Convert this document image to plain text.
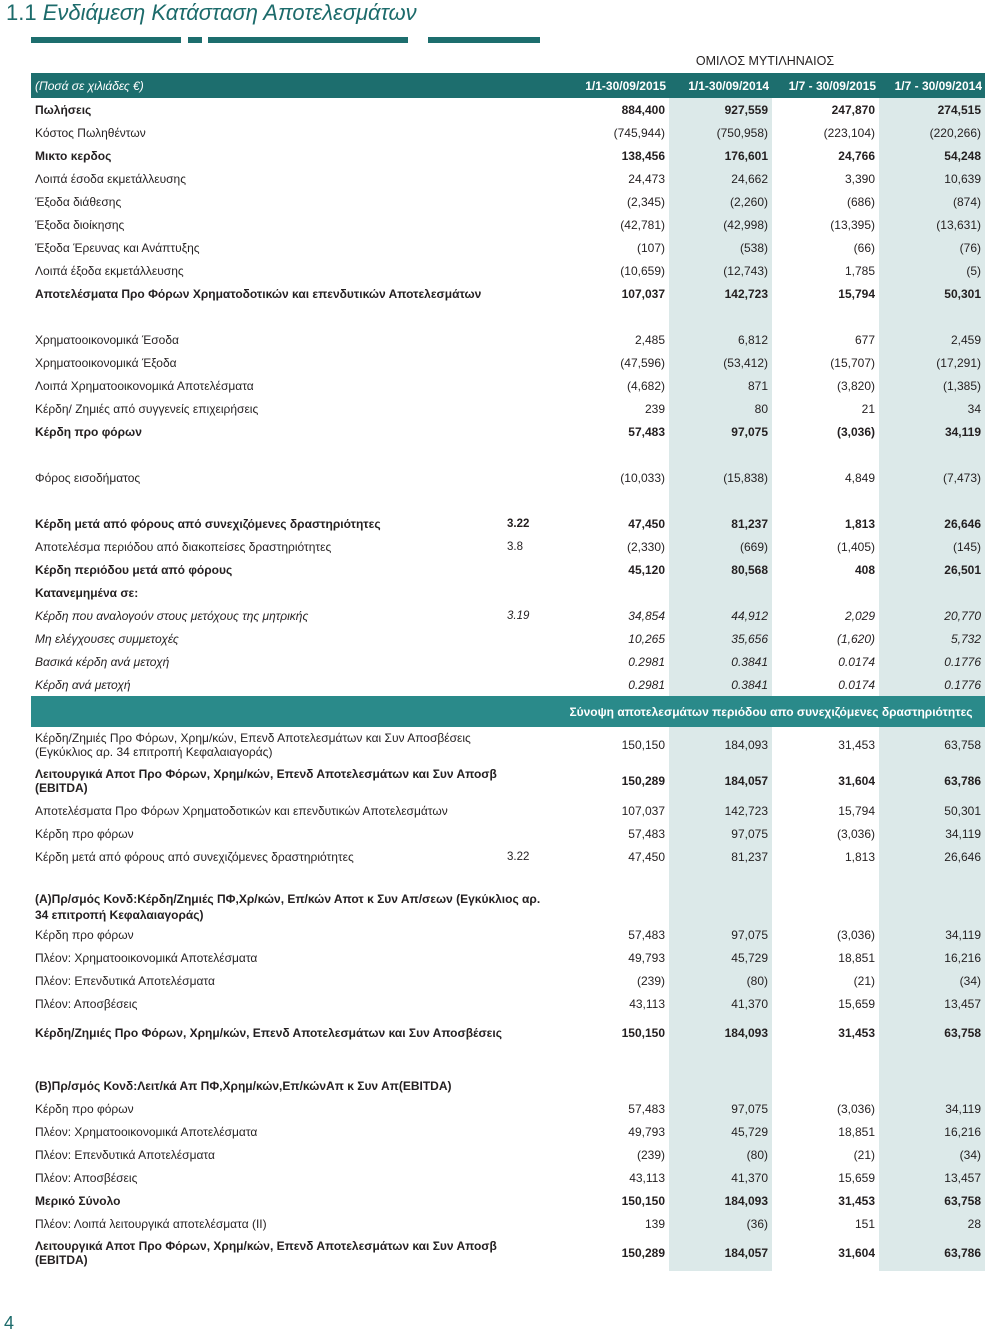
1.1 Ενδιάμεση Κατάσταση Αποτελεσμάτων
ΟΜΙΛΟΣ ΜΥΤΙΛΗΝΑΙΟΣ
(Ποσά σε χιλιάδες €)		1/1-30/09/2015	1/1-30/09/2014	1/7 - 30/09/2015	1/7 - 30/09/2014
Πωλήσεις		884,400	927,559	247,870	274,515
Κόστος Πωληθέντων		(745,944)	(750,958)	(223,104)	(220,266)
Μικτο κερδος		138,456	176,601	24,766	54,248
Λοιπά έσοδα εκμετάλλευσης		24,473	24,662	3,390	10,639
Έξοδα διάθεσης		(2,345)	(2,260)	(686)	(874)
Έξοδα διοίκησης		(42,781)	(42,998)	(13,395)	(13,631)
Έξοδα Έρευνας και Ανάπτυξης		(107)	(538)	(66)	(76)
Λοιπά έξοδα εκμετάλλευσης		(10,659)	(12,743)	1,785	(5)
Αποτελέσματα Προ Φόρων Χρηματοδοτικών και επενδυτικών Αποτελεσμάτων		107,037	142,723	15,794	50,301

Χρηματοοικονομικά Έσοδα		2,485	6,812	677	2,459
Χρηματοοικονομικά Έξοδα		(47,596)	(53,412)	(15,707)	(17,291)
Λοιπά Χρηματοοικονομικά Αποτελέσματα		(4,682)	871	(3,820)	(1,385)
Κέρδη/ Ζημιές από συγγενείς επιχειρήσεις		239	80	21	34
Κέρδη προ φόρων		57,483	97,075	(3,036)	34,119

Φόρος εισοδήματος		(10,033)	(15,838)	4,849	(7,473)

Κέρδη μετά από φόρους από συνεχιζόμενες δραστηριότητες	3.22	47,450	81,237	1,813	26,646
Αποτελέσμα περιόδου από διακοπείσες δραστηριότητες	3.8	(2,330)	(669)	(1,405)	(145)
Κέρδη περιόδου μετά από φόρους		45,120	80,568	408	26,501
Κατανεμημένα σε:					
Κέρδη που αναλογούν στους μετόχους της μητρικής	3.19	34,854	44,912	2,029	20,770
Μη ελέγχουσες συμμετοχές		10,265	35,656	(1,620)	5,732
Βασικά κέρδη ανά μετοχή		0.2981	0.3841	0.0174	0.1776
Κέρδη ανά μετοχή		0.2981	0.3841	0.0174	0.1776
		Σύνοψη αποτελεσμάτων περιόδου απο συνεχιζόμενες δραστηριότητες			
Κέρδη/Ζημιές Προ Φόρων, Χρημ/κών, Επενδ Αποτελεσμάτων και Συν Αποσβέσεις (Εγκύκλιος αρ. 34 επιτροπή Κεφαλαιαγοράς)		150,150	184,093	31,453	63,758
Λειτουργικά Αποτ Προ Φόρων, Χρημ/κών, Επενδ Αποτελεσμάτων και Συν Αποσβ (EBITDA)		150,289	184,057	31,604	63,786
Αποτελέσματα Προ Φόρων Χρηματοδοτικών και επενδυτικών Αποτελεσμάτων		107,037	142,723	15,794	50,301
Κέρδη προ φόρων		57,483	97,075	(3,036)	34,119
Κέρδη μετά από φόρους από συνεχιζόμενες δραστηριότητες	3.22	47,450	81,237	1,813	26,646

(Α)Πρ/σμός Κονδ:Κέρδη/Ζημιές ΠΦ,Χρ/κών, Επ/κών Αποτ κ Συν Απ/σεων (Εγκύκλιος αρ. 34 επιτροπή Κεφαλαιαγοράς)					
Κέρδη προ φόρων		57,483	97,075	(3,036)	34,119
Πλέον: Χρηματοοικονομικά Αποτελέσματα		49,793	45,729	18,851	16,216
Πλέον: Επενδυτικά Αποτελέσματα		(239)	(80)	(21)	(34)
Πλέον: Αποσβέσεις		43,113	41,370	15,659	13,457
Κέρδη/Ζημιές Προ Φόρων, Χρημ/κών, Επενδ Αποτελεσμάτων και Συν Αποσβέσεις		150,150	184,093	31,453	63,758

(Β)Πρ/σμός Κονδ:Λειτ/κά Απ ΠΦ,Χρημ/κών,Επ/κώνΑπ κ Συν Απ(EBITDA)					
Κέρδη προ φόρων		57,483	97,075	(3,036)	34,119
Πλέον: Χρηματοοικονομικά Αποτελέσματα		49,793	45,729	18,851	16,216
Πλέον: Επενδυτικά Αποτελέσματα		(239)	(80)	(21)	(34)
Πλέον: Αποσβέσεις		43,113	41,370	15,659	13,457
Μερικό Σύνολο		150,150	184,093	31,453	63,758
Πλέον: Λοιπά λειτουργικά αποτελέσματα (ΙΙ)		139	(36)	151	28
Λειτουργικά Αποτ Προ Φόρων, Χρημ/κών, Επενδ Αποτελεσμάτων και Συν Αποσβ (EBITDA)		150,289	184,057	31,604	63,786
4
